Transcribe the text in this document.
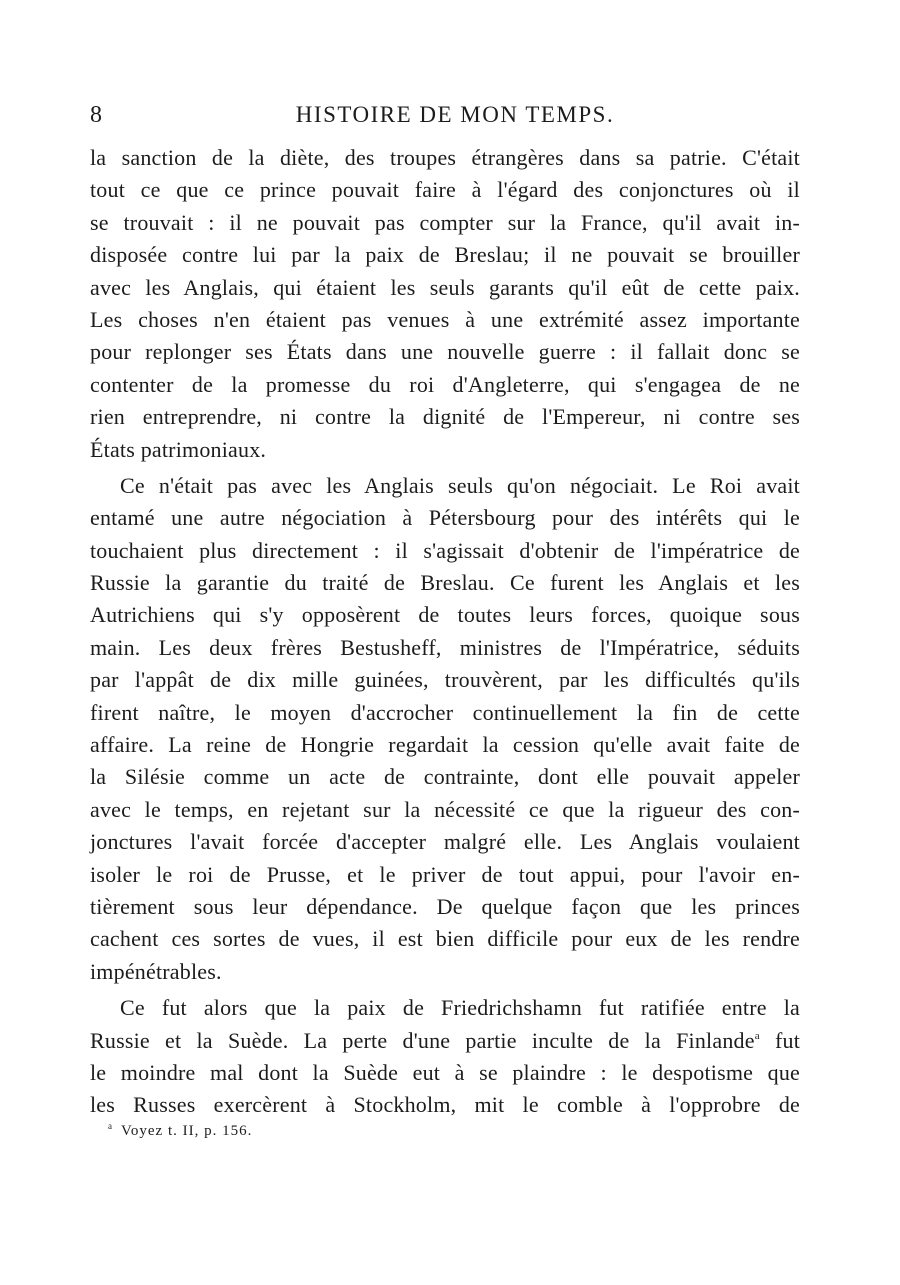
8	HISTOIRE DE MON TEMPS.
la sanction de la diète, des troupes étrangères dans sa patrie. C'était
tout ce que ce prince pouvait faire à l'égard des conjonctures où il
se trouvait : il ne pouvait pas compter sur la France, qu'il avait in-
disposée contre lui par la paix de Breslau; il ne pouvait se brouiller
avec les Anglais, qui étaient les seuls garants qu'il eût de cette paix.
Les choses n'en étaient pas venues à une extrémité assez importante
pour replonger ses États dans une nouvelle guerre : il fallait donc se
contenter de la promesse du roi d'Angleterre, qui s'engagea de ne
rien entreprendre, ni contre la dignité de l'Empereur, ni contre ses
États patrimoniaux.
Ce n'était pas avec les Anglais seuls qu'on négociait. Le Roi avait
entamé une autre négociation à Pétersbourg pour des intérêts qui le
touchaient plus directement : il s'agissait d'obtenir de l'impératrice de
Russie la garantie du traité de Breslau. Ce furent les Anglais et les
Autrichiens qui s'y opposèrent de toutes leurs forces, quoique sous
main. Les deux frères Bestusheff, ministres de l'Impératrice, séduits
par l'appât de dix mille guinées, trouvèrent, par les difficultés qu'ils
firent naître, le moyen d'accrocher continuellement la fin de cette
affaire. La reine de Hongrie regardait la cession qu'elle avait faite de
la Silésie comme un acte de contrainte, dont elle pouvait appeler
avec le temps, en rejetant sur la nécessité ce que la rigueur des con-
jonctures l'avait forcée d'accepter malgré elle. Les Anglais voulaient
isoler le roi de Prusse, et le priver de tout appui, pour l'avoir en-
tièrement sous leur dépendance. De quelque façon que les princes
cachent ces sortes de vues, il est bien difficile pour eux de les rendre
impénétrables.
Ce fut alors que la paix de Friedrichshamn fut ratifiée entre la
Russie et la Suède. La perte d'une partie inculte de la Finlande$^a$ fut
le moindre mal dont la Suède eut à se plaindre : le despotisme que
les Russes exercèrent à Stockholm, mit le comble à l'opprobre de
$^a$ Voyez t. II, p. 156.
